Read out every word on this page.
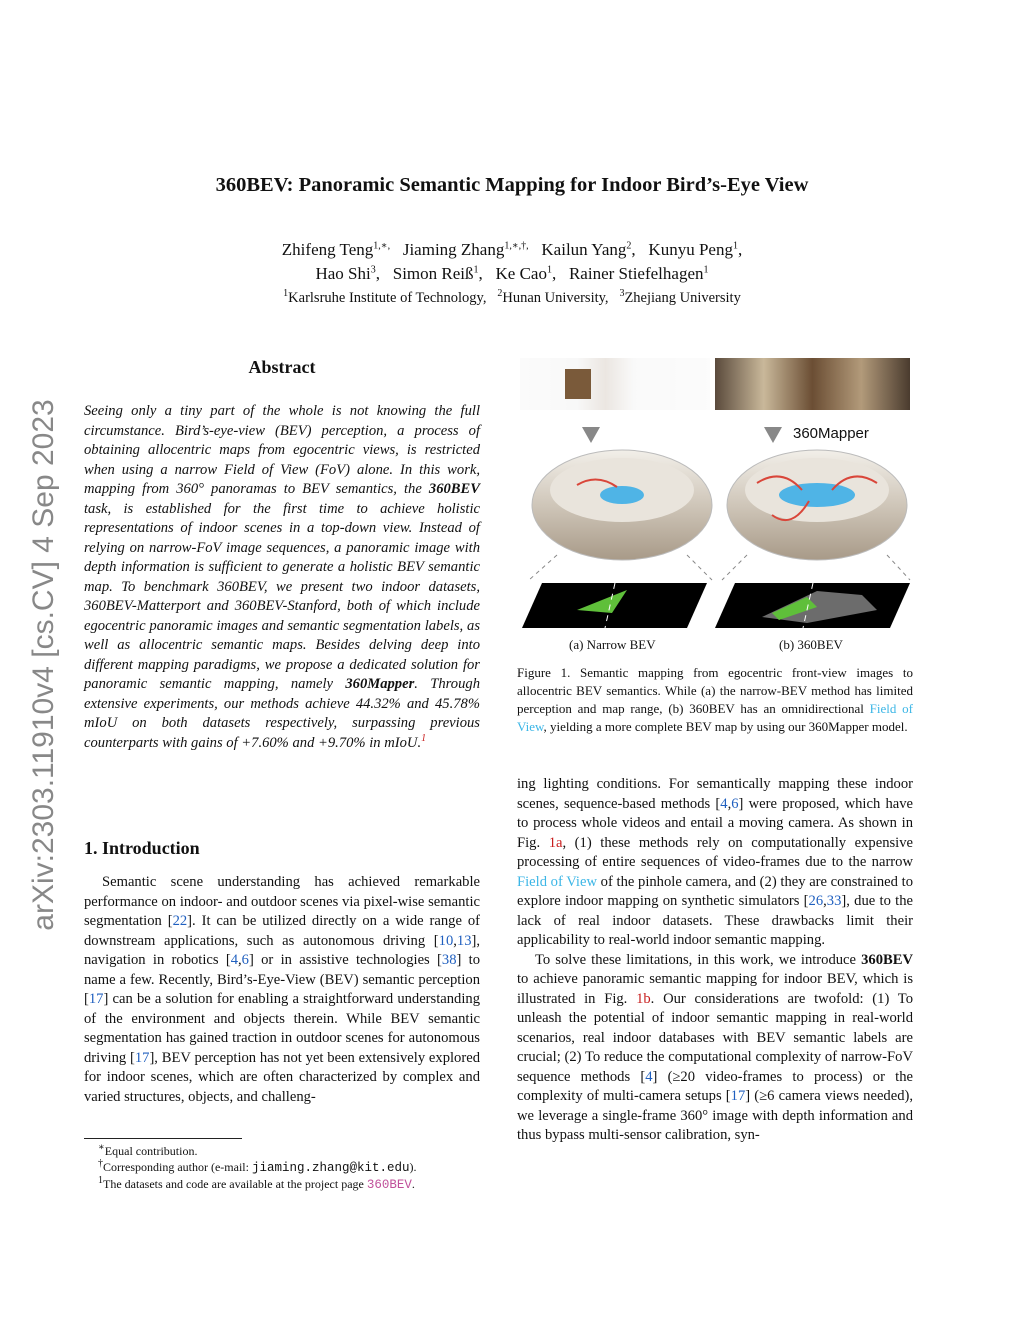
360BEV: Panoramic Semantic Mapping for Indoor Bird’s-Eye View
Zhifeng Teng$^{1,∗,}$ Jiaming Zhang$^{1,∗,\dagger,}$ Kailun Yang$^2$,   Kunyu Peng$^1$,
Hao Shi$^3$,   Simon Reiß$^1$,   Ke Cao$^1$,   Rainer Stiefelhagen$^1$
$^1$Karlsruhe Institute of Technology, $^2$Hunan University, $^3$Zhejiang University
arXiv:2303.11910v4 [cs.CV] 4 Sep 2023
Abstract
Seeing only a tiny part of the whole is not knowing the full circumstance. Bird’s-eye-view (BEV) perception, a process of obtaining allocentric maps from egocentric views, is restricted when using a narrow Field of View (FoV) alone. In this work, mapping from 360° panoramas to BEV semantics, the 360BEV task, is established for the first time to achieve holistic representations of indoor scenes in a top-down view. Instead of relying on narrow-FoV image sequences, a panoramic image with depth information is sufficient to generate a holistic BEV semantic map. To benchmark 360BEV, we present two indoor datasets, 360BEV-Matterport and 360BEV-Stanford, both of which include egocentric panoramic images and semantic segmentation labels, as well as allocentric semantic maps. Besides delving deep into different mapping paradigms, we propose a dedicated solution for panoramic semantic mapping, namely 360Mapper. Through extensive experiments, our methods achieve 44.32% and 45.78% mIoU on both datasets respectively, surpassing previous counterparts with gains of +7.60% and +9.70% in mIoU.$^1$
1. Introduction

Semantic scene understanding has achieved remarkable performance on indoor- and outdoor scenes via pixel-wise semantic segmentation [22]. It can be utilized directly on a wide range of downstream applications, such as autonomous driving [10,13], navigation in robotics [4,6] or in assistive technologies [38] to name a few. Recently, Bird’s-Eye-View (BEV) semantic perception [17] can be a solution for enabling a straightforward understanding of the environment and objects therein. While BEV semantic segmentation has gained traction in outdoor scenes for autonomous driving [17], BEV perception has not yet been extensively explored for indoor scenes, which are often characterized by complex and varied structures, objects, and challeng-

∗Equal contribution.
†Corresponding author (e-mail: jiaming.zhang@kit.edu).
$^1$The datasets and code are available at the project page 360BEV.
360Mapper
(a) Narrow BEV	(b) 360BEV
Figure 1. Semantic mapping from egocentric front-view images to allocentric BEV semantics. While (a) the narrow-BEV method has limited perception and map range, (b) 360BEV has an omnidirectional Field of View, yielding a more complete BEV map by using our 360Mapper model.

ing lighting conditions. For semantically mapping these indoor scenes, sequence-based methods [4,6] were proposed, which have to process whole videos and entail a moving camera. As shown in Fig. 1a, (1) these methods rely on computationally expensive processing of entire sequences of video-frames due to the narrow Field of View of the pinhole camera, and (2) they are constrained to explore indoor mapping on synthetic simulators [26,33], due to the lack of real indoor datasets. These drawbacks limit their applicability to real-world indoor semantic mapping.

To solve these limitations, in this work, we introduce 360BEV to achieve panoramic semantic mapping for indoor BEV, which is illustrated in Fig. 1b. Our considerations are twofold: (1) To unleash the potential of indoor semantic mapping in real-world scenarios, real indoor databases with BEV semantic labels are crucial; (2) To reduce the computational complexity of narrow-FoV sequence methods [4] (≥20 video-frames to process) or the complexity of multi-camera setups [17] (≥6 camera views needed), we leverage a single-frame 360° image with depth information and thus bypass multi-sensor calibration, syn-
